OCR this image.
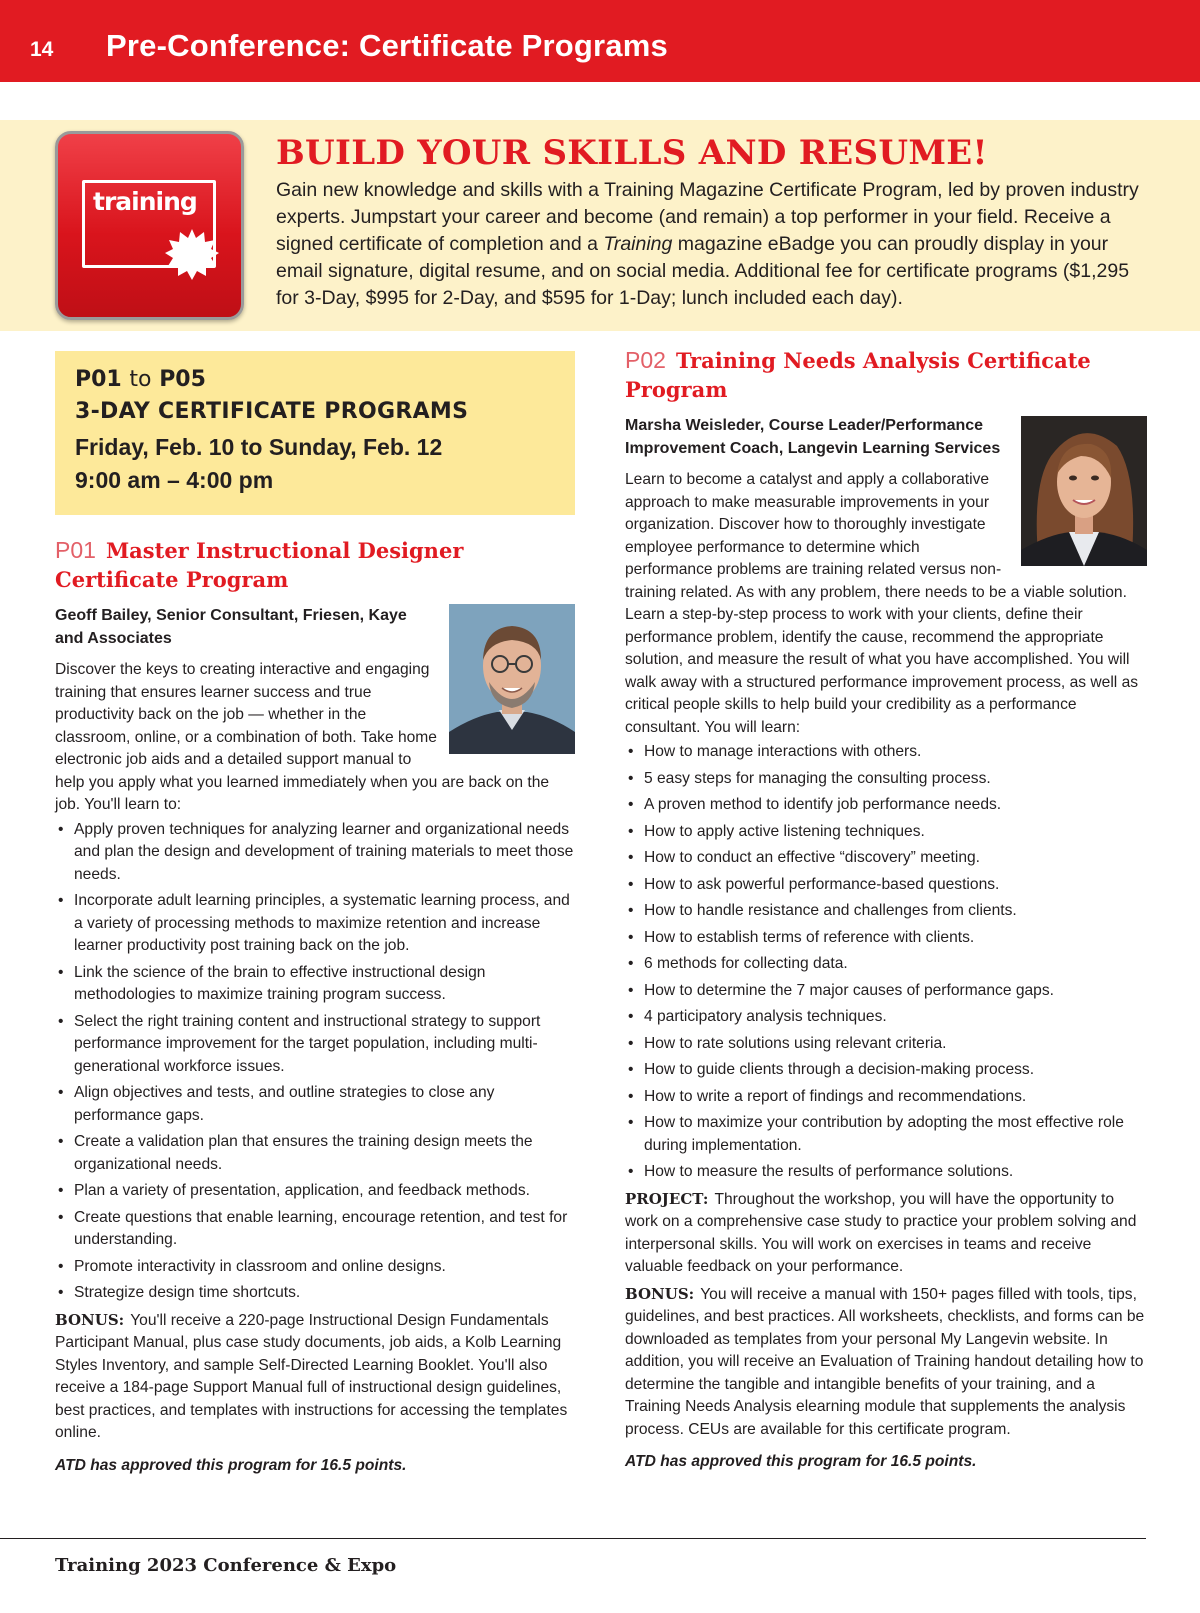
14 Pre-Conference: Certificate Programs
training
BUILD YOUR SKILLS AND RESUME!
Gain new knowledge and skills with a Training Magazine Certificate Program, led by proven industry experts. Jumpstart your career and become (and remain) a top performer in your field. Receive a signed certificate of completion and a Training magazine eBadge you can proudly display in your email signature, digital resume, and on social media. Additional fee for certificate programs ($1,295 for 3-Day, $995 for 2-Day, and $595 for 1-Day; lunch included each day).
P01 to P05
3-DAY CERTIFICATE PROGRAMS
Friday, Feb. 10 to Sunday, Feb. 12
9:00 am – 4:00 pm
P01 Master Instructional Designer Certificate Program
Geoff Bailey, Senior Consultant, Friesen, Kaye and Associates
Discover the keys to creating interactive and engaging training that ensures learner success and true productivity back on the job — whether in the classroom, online, or a combination of both. Take home electronic job aids and a detailed support manual to help you apply what you learned immediately when you are back on the job. You'll learn to:
• Apply proven techniques for analyzing learner and organizational needs and plan the design and development of training materials to meet those needs.
• Incorporate adult learning principles, a systematic learning process, and a variety of processing methods to maximize retention and increase learner productivity post training back on the job.
• Link the science of the brain to effective instructional design methodologies to maximize training program success.
• Select the right training content and instructional strategy to support performance improvement for the target population, including multi-generational workforce issues.
• Align objectives and tests, and outline strategies to close any performance gaps.
• Create a validation plan that ensures the training design meets the organizational needs.
• Plan a variety of presentation, application, and feedback methods.
• Create questions that enable learning, encourage retention, and test for understanding.
• Promote interactivity in classroom and online designs.
• Strategize design time shortcuts.
BONUS: You'll receive a 220-page Instructional Design Fundamentals Participant Manual, plus case study documents, job aids, a Kolb Learning Styles Inventory, and sample Self-Directed Learning Booklet. You'll also receive a 184-page Support Manual full of instructional design guidelines, best practices, and templates with instructions for accessing the templates online.
ATD has approved this program for 16.5 points.
P02 Training Needs Analysis Certificate Program
Marsha Weisleder, Course Leader/Performance Improvement Coach, Langevin Learning Services
Learn to become a catalyst and apply a collaborative approach to make measurable improvements in your organization. Discover how to thoroughly investigate employee performance to determine which performance problems are training related versus non-training related. As with any problem, there needs to be a viable solution. Learn a step-by-step process to work with your clients, define their performance problem, identify the cause, recommend the appropriate solution, and measure the result of what you have accomplished. You will walk away with a structured performance improvement process, as well as critical people skills to help build your credibility as a performance consultant. You will learn:
• How to manage interactions with others.
• 5 easy steps for managing the consulting process.
• A proven method to identify job performance needs.
• How to apply active listening techniques.
• How to conduct an effective “discovery” meeting.
• How to ask powerful performance-based questions.
• How to handle resistance and challenges from clients.
• How to establish terms of reference with clients.
• 6 methods for collecting data.
• How to determine the 7 major causes of performance gaps.
• 4 participatory analysis techniques.
• How to rate solutions using relevant criteria.
• How to guide clients through a decision-making process.
• How to write a report of findings and recommendations.
• How to maximize your contribution by adopting the most effective role during implementation.
• How to measure the results of performance solutions.
PROJECT: Throughout the workshop, you will have the opportunity to work on a comprehensive case study to practice your problem solving and interpersonal skills. You will work on exercises in teams and receive valuable feedback on your performance.
BONUS: You will receive a manual with 150+ pages filled with tools, tips, guidelines, and best practices. All worksheets, checklists, and forms can be downloaded as templates from your personal My Langevin website. In addition, you will receive an Evaluation of Training handout detailing how to determine the tangible and intangible benefits of your training, and a Training Needs Analysis elearning module that supplements the analysis process. CEUs are available for this certificate program.
ATD has approved this program for 16.5 points.
Training 2023 Conference & Expo
